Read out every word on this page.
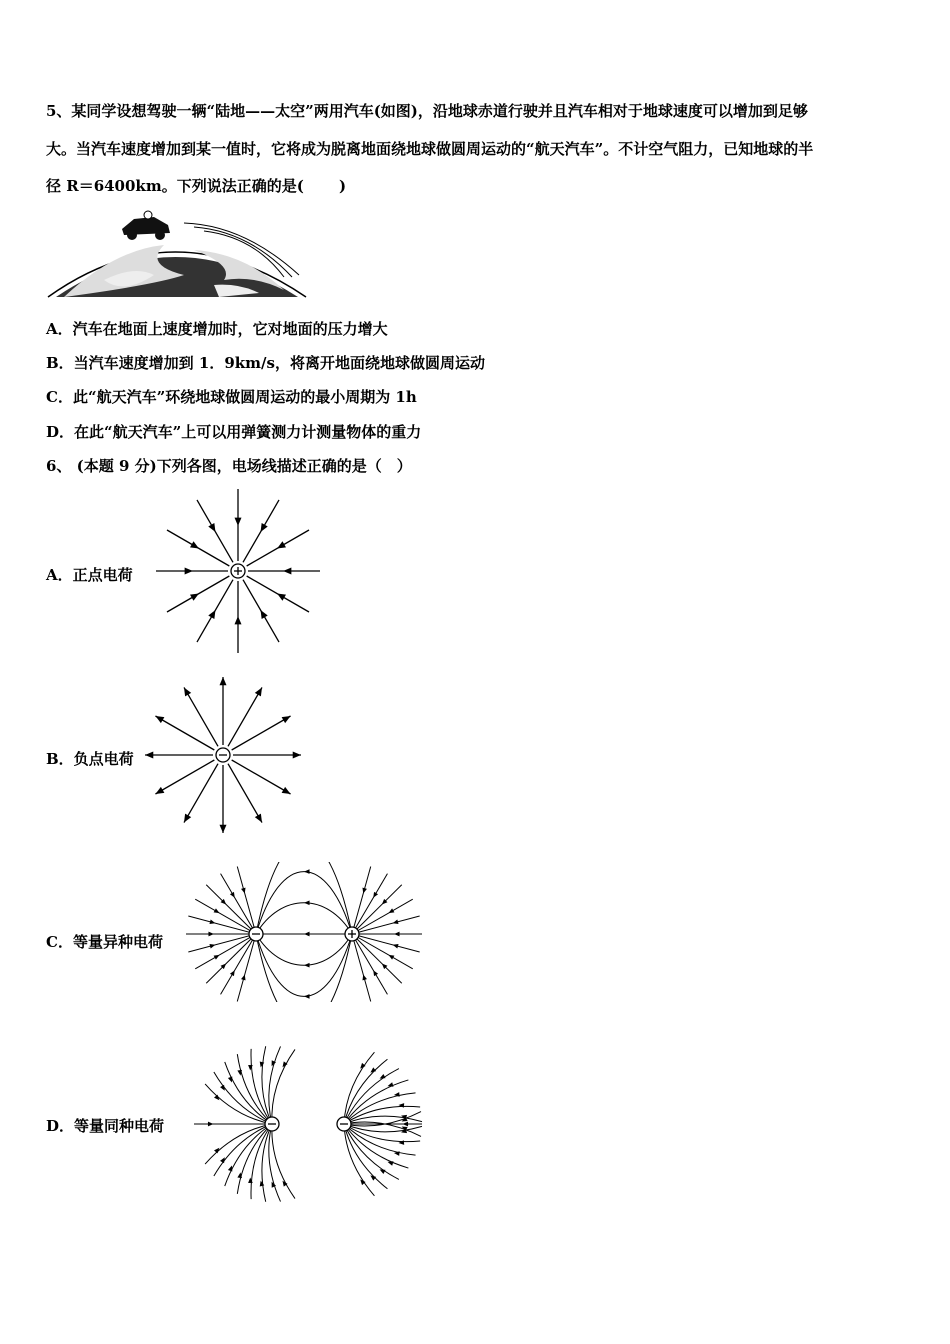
5、某同学设想驾驶一辆“陆地——太空”两用汽车(如图)，沿地球赤道行驶并且汽车相对于地球速度可以增加到足够
大。当汽车速度增加到某一值时，它将成为脱离地面绕地球做圆周运动的“航天汽车”。不计空气阻力，已知地球的半
径 R＝6400km。下列说法正确的是(　　 )
A．汽车在地面上速度增加时，它对地面的压力增大
B．当汽车速度增加到 1．9km/s，将离开地面绕地球做圆周运动
C．此“航天汽车”环绕地球做圆周运动的最小周期为 1h
D．在此“航天汽车”上可以用弹簧测力计测量物体的重力
6、 (本题 9 分)下列各图，电场线描述正确的是（　）
A．正点电荷
B．负点电荷
C．等量异种电荷
D．等量同种电荷
